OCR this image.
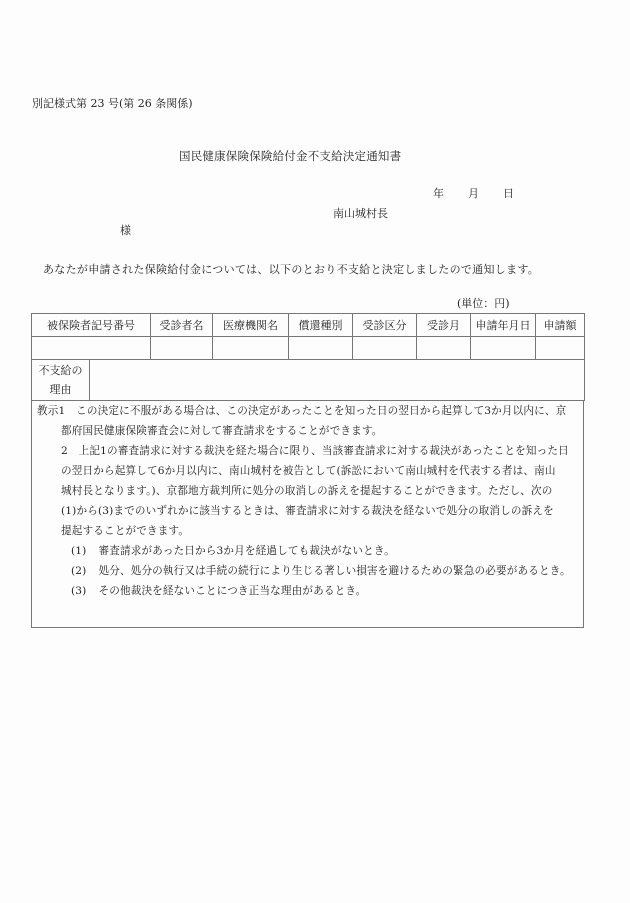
別記様式第 23 号(第 26 条関係)
国民健康保険保険給付金不支給決定通知書
年 月 日
南山城村長
様
あなたが申請された保険給付金については、以下のとおり不支給と決定しましたので通知します。
(単位：円)
被保険者記号番号		受診者名	医療機関名	償還種別	受診区分	受診月	申請年月日	申請額

不支給の
理由								

教示1　この決定に不服がある場合は、この決定があったことを知った日の翌日から起算して3か月以内に、京
都府国民健康保険審査会に対して審査請求をすることができます。
2　上記1の審査請求に対する裁決を経た場合に限り、当該審査請求に対する裁決があったことを知った日
の翌日から起算して6か月以内に、南山城村を被告として(訴訟において南山城村を代表する者は、南山
城村長となります。)、京都地方裁判所に処分の取消しの訴えを提起することができます。ただし、次の
(1)から(3)までのいずれかに該当するときは、審査請求に対する裁決を経ないで処分の取消しの訴えを
提起することができます。
(1) 審査請求があった日から3か月を経過しても裁決がないとき。
(2) 処分、処分の執行又は手続の続行により生じる著しい損害を避けるための緊急の必要があるとき。
(3) その他裁決を経ないことにつき正当な理由があるとき。
